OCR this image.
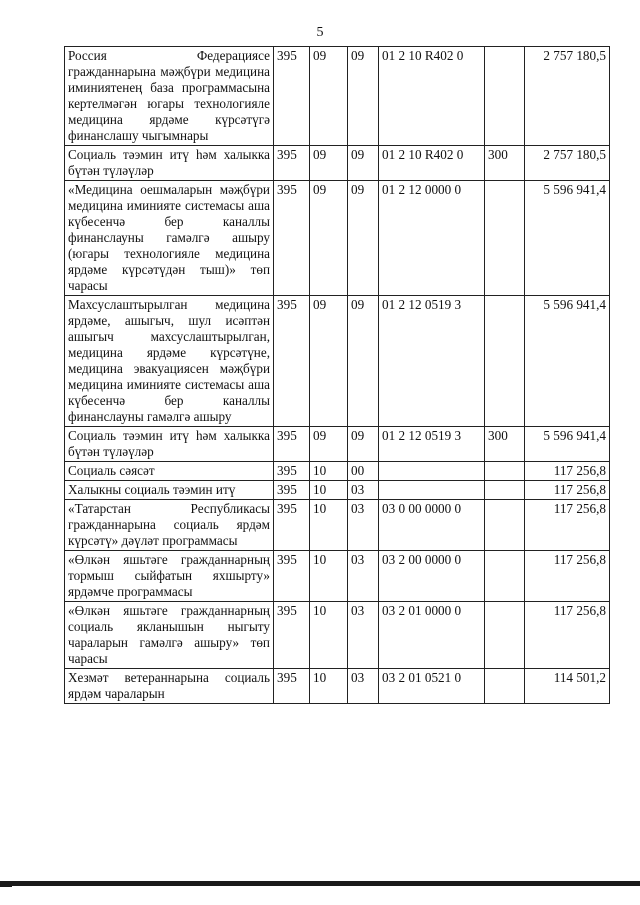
5
Россия Федерациясе гражданнарына мәҗбүри медицина иминиятенең база программасына кертелмәгән югары технологияле медицина ярдәме күрсәтүгә финанслашу чыгымнары	395	09	09	01 2 10 R402 0		2 757 180,5
Социаль тәэмин итү һәм халыкка бүтән түләүләр	395	09	09	01 2 10 R402 0	300	2 757 180,5
«Медицина оешмаларын мәҗбүри медицина иминияте системасы аша күбесенчә бер каналлы финанслауны гамәлгә ашыру (югары технологияле медицина ярдәме күрсәтүдән тыш)» төп чарасы	395	09	09	01 2 12 0000 0		5 596 941,4
Махсуслаштырылган медицина ярдәме, ашыгыч, шул исәптән ашыгыч махсуслаштырылган, медицина ярдәме күрсәтүне, медицина эвакуациясен мәҗбүри медицина иминияте системасы аша күбесенчә бер каналлы финанслауны гамәлгә ашыру	395	09	09	01 2 12 0519 3		5 596 941,4
Социаль тәэмин итү һәм халыкка бүтән түләүләр	395	09	09	01 2 12 0519 3	300	5 596 941,4
Социаль сәясәт	395	10	00			117 256,8
Халыкны социаль тәэмин итү	395	10	03			117 256,8
«Татарстан Республикасы гражданнарына социаль ярдәм күрсәтү» дәүләт программасы	395	10	03	03 0 00 0000 0		117 256,8
«Өлкән яшьтәге гражданнарның тормыш сыйфатын яхшырту» ярдәмче программасы	395	10	03	03 2 00 0000 0		117 256,8
«Өлкән яшьтәге гражданнарның социаль якланышын ныгыту чараларын гамәлгә ашыру» төп чарасы	395	10	03	03 2 01 0000 0		117 256,8
Хезмәт ветераннарына социаль ярдәм чараларын	395	10	03	03 2 01 0521 0		114 501,2
